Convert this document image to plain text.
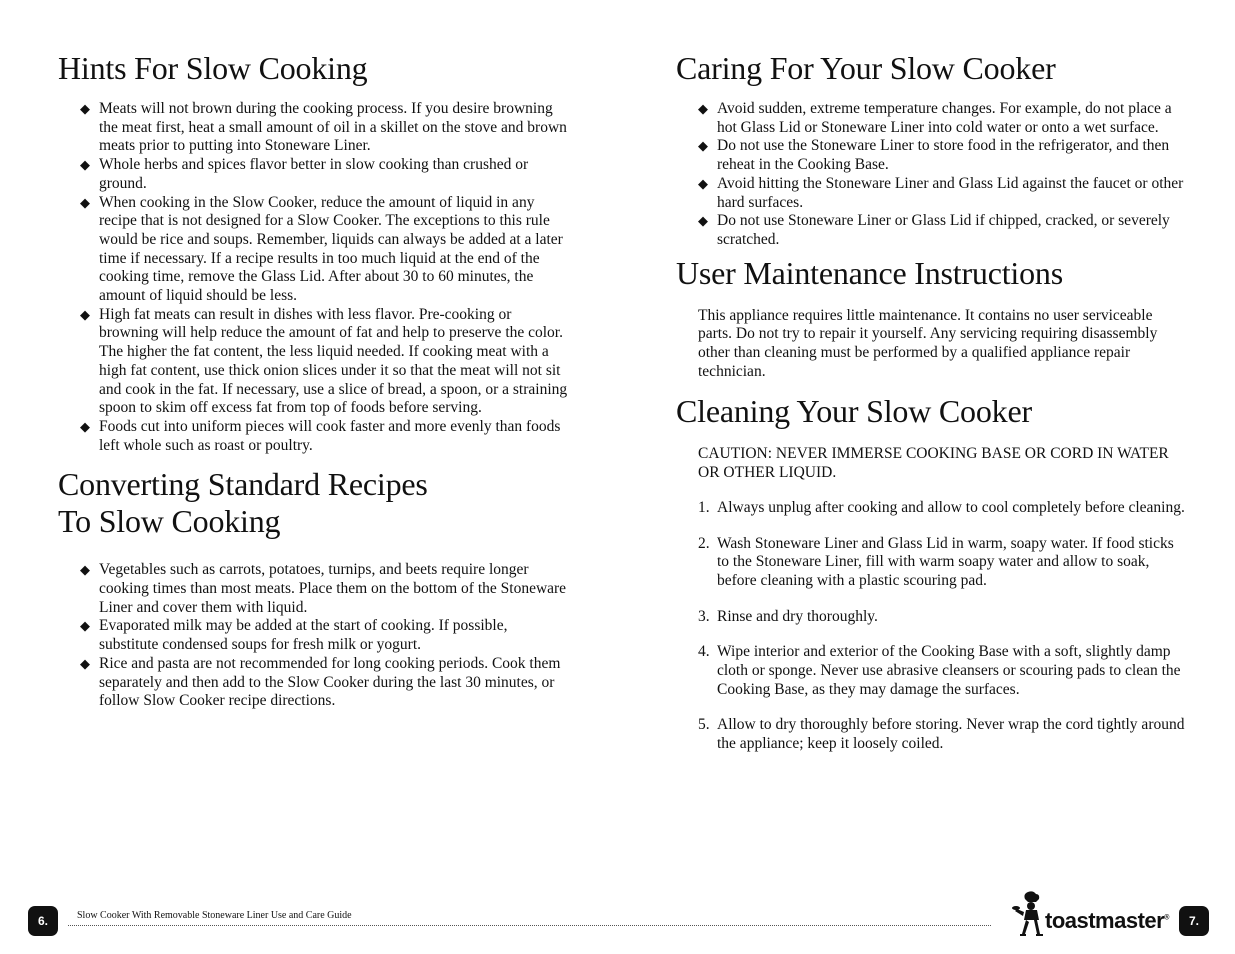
Hints For Slow Cooking
◆ Meats will not brown during the cooking process. If you desire browning the meat first, heat a small amount of oil in a skillet on the stove and brown meats prior to putting into Stoneware Liner.
◆ Whole herbs and spices flavor better in slow cooking than crushed or ground.
◆ When cooking in the Slow Cooker, reduce the amount of liquid in any recipe that is not designed for a Slow Cooker. The exceptions to this rule would be rice and soups. Remember, liquids can always be added at a later time if necessary. If a recipe results in too much liquid at the end of the cooking time, remove the Glass Lid. After about 30 to 60 minutes, the amount of liquid should be less.
◆ High fat meats can result in dishes with less flavor. Pre-cooking or browning will help reduce the amount of fat and help to preserve the color. The higher the fat content, the less liquid needed. If cooking meat with a high fat content, use thick onion slices under it so that the meat will not sit and cook in the fat. If necessary, use a slice of bread, a spoon, or a straining spoon to skim off excess fat from top of foods before serving.
◆ Foods cut into uniform pieces will cook faster and more evenly than foods left whole such as roast or poultry.
Converting Standard Recipes
To Slow Cooking
◆ Vegetables such as carrots, potatoes, turnips, and beets require longer cooking times than most meats. Place them on the bottom of the Stoneware Liner and cover them with liquid.
◆ Evaporated milk may be added at the start of cooking. If possible, substitute condensed soups for fresh milk or yogurt.
◆ Rice and pasta are not recommended for long cooking periods. Cook them separately and then add to the Slow Cooker during the last 30 minutes, or follow Slow Cooker recipe directions.
Caring For Your Slow Cooker
◆ Avoid sudden, extreme temperature changes. For example, do not place a hot Glass Lid or Stoneware Liner into cold water or onto a wet surface.
◆ Do not use the Stoneware Liner to store food in the refrigerator, and then reheat in the Cooking Base.
◆ Avoid hitting the Stoneware Liner and Glass Lid against the faucet or other hard surfaces.
◆ Do not use Stoneware Liner or Glass Lid if chipped, cracked, or severely scratched.
User Maintenance Instructions

This appliance requires little maintenance. It contains no user serviceable parts. Do not try to repair it yourself. Any servicing requiring disassembly other than cleaning must be performed by a qualified appliance repair technician.

Cleaning Your Slow Cooker

CAUTION: NEVER IMMERSE COOKING BASE OR CORD IN WATER OR OTHER LIQUID.

1. Always unplug after cooking and allow to cool completely before cleaning.
2. Wash Stoneware Liner and Glass Lid in warm, soapy water. If food sticks to the Stoneware Liner, fill with warm soapy water and allow to soak, before cleaning with a plastic scouring pad.
3. Rinse and dry thoroughly.
4. Wipe interior and exterior of the Cooking Base with a soft, slightly damp cloth or sponge. Never use abrasive cleansers or scouring pads to clean the Cooking Base, as they may damage the surfaces.
5. Allow to dry thoroughly before storing. Never wrap the cord tightly around the appliance; keep it loosely coiled.
6.	Slow Cooker With Removable Stoneware Liner Use and Care Guide	toastmaster®	7.
